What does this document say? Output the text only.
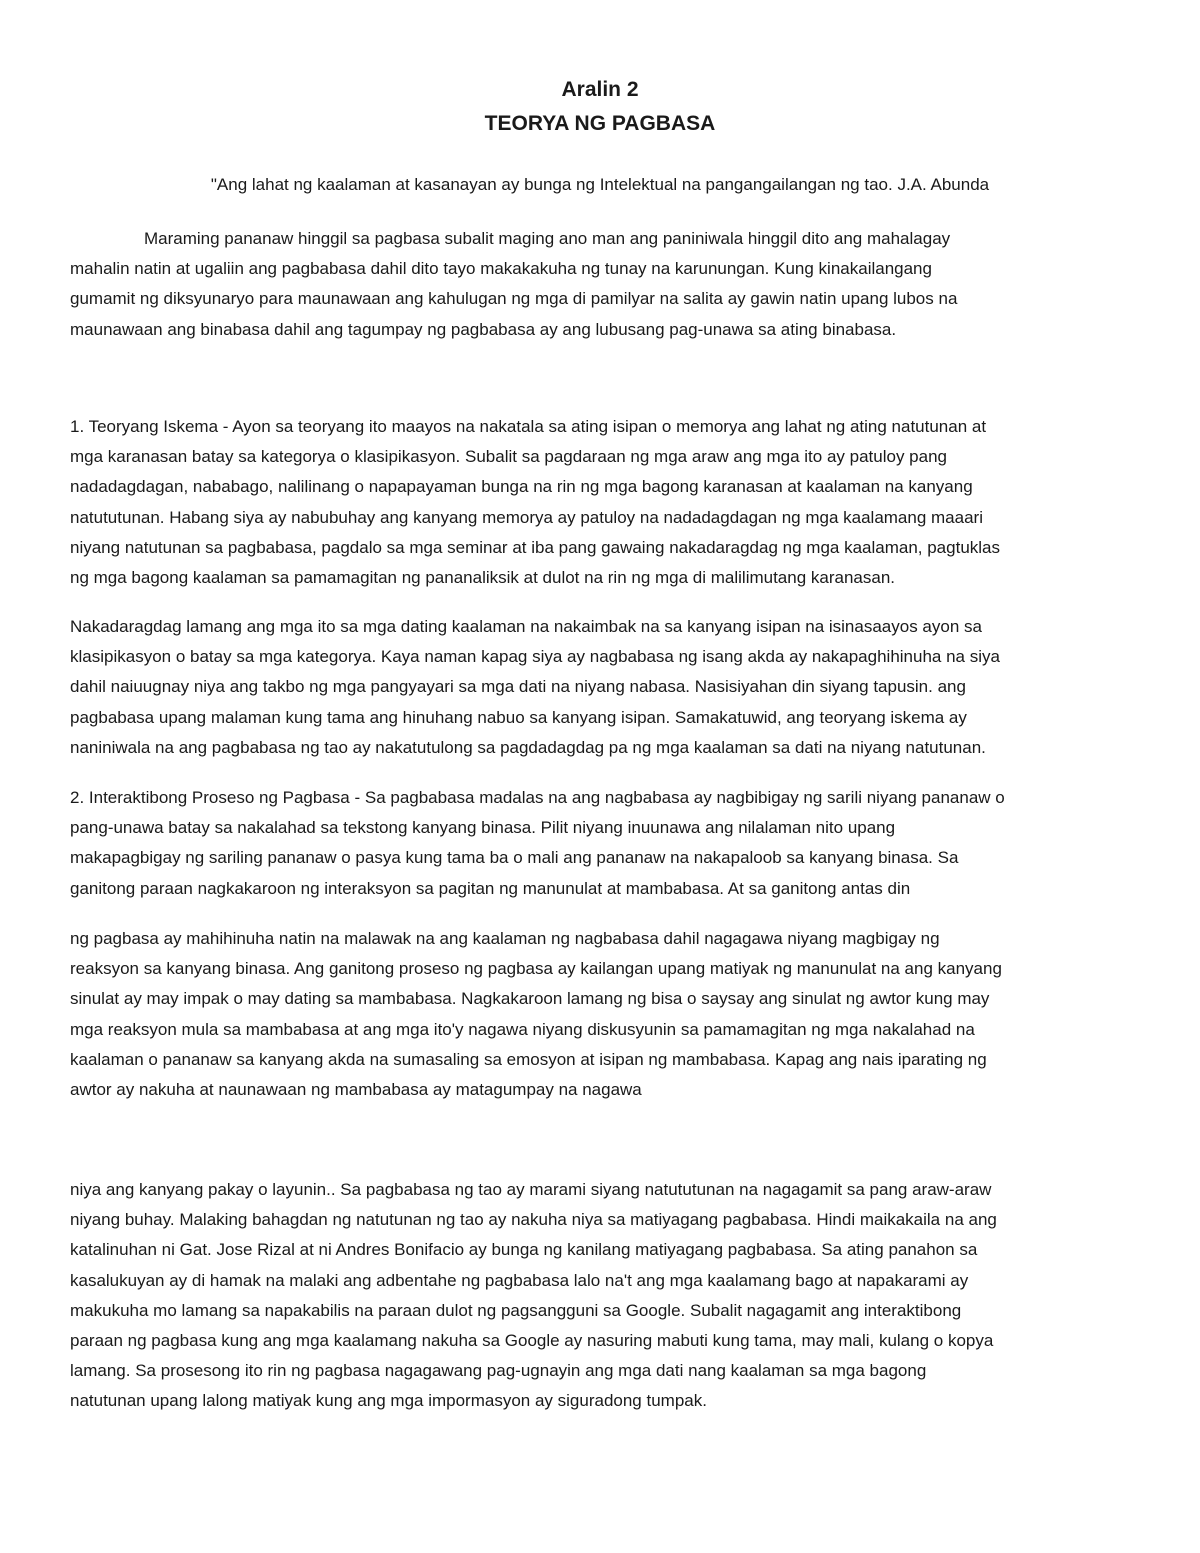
Aralin 2
TEORYA NG PAGBASA

"Ang lahat ng kaalaman at kasanayan ay bunga ng Intelektual na pangangailangan ng tao. J.A. Abunda

Maraming pananaw hinggil sa pagbasa subalit maging ano man ang paniniwala hinggil dito ang mahalagay
mahalin natin at ugaliin ang pagbabasa dahil dito tayo makakakuha ng tunay na karunungan. Kung kinakailangang
gumamit ng diksyunaryo para maunawaan ang kahulugan ng mga di pamilyar na salita ay gawin natin upang lubos na
maunawaan ang binabasa dahil ang tagumpay ng pagbabasa ay ang lubusang pag-unawa sa ating binabasa.

1. Teoryang Iskema - Ayon sa teoryang ito maayos na nakatala sa ating isipan o memorya ang lahat ng ating natutunan at
mga karanasan batay sa kategorya o klasipikasyon. Subalit sa pagdaraan ng mga araw ang mga ito ay patuloy pang
nadadagdagan, nababago, nalilinang o napapayaman bunga na rin ng mga bagong karanasan at kaalaman na kanyang
natututunan. Habang siya ay nabubuhay ang kanyang memorya ay patuloy na nadadagdagan ng mga kaalamang maaari
niyang natutunan sa pagbabasa, pagdalo sa mga seminar at iba pang gawaing nakadaragdag ng mga kaalaman, pagtuklas
ng mga bagong kaalaman sa pamamagitan ng pananaliksik at dulot na rin ng mga di malilimutang karanasan.

Nakadaragdag lamang ang mga ito sa mga dating kaalaman na nakaimbak na sa kanyang isipan na isinasaayos ayon sa
klasipikasyon o batay sa mga kategorya. Kaya naman kapag siya ay nagbabasa ng isang akda ay nakapaghihinuha na siya
dahil naiuugnay niya ang takbo ng mga pangyayari sa mga dati na niyang nabasa. Nasisiyahan din siyang tapusin. ang
pagbabasa upang malaman kung tama ang hinuhang nabuo sa kanyang isipan. Samakatuwid, ang teoryang iskema ay
naniniwala na ang pagbabasa ng tao ay nakatutulong sa pagdadagdag pa ng mga kaalaman sa dati na niyang natutunan.

2. Interaktibong Proseso ng Pagbasa - Sa pagbabasa madalas na ang nagbabasa ay nagbibigay ng sarili niyang pananaw o
pang-unawa batay sa nakalahad sa tekstong kanyang binasa. Pilit niyang inuunawa ang nilalaman nito upang
makapagbigay ng sariling pananaw o pasya kung tama ba o mali ang pananaw na nakapaloob sa kanyang binasa. Sa
ganitong paraan nagkakaroon ng interaksyon sa pagitan ng manunulat at mambabasa. At sa ganitong antas din

ng pagbasa ay mahihinuha natin na malawak na ang kaalaman ng nagbabasa dahil nagagawa niyang magbigay ng
reaksyon sa kanyang binasa. Ang ganitong proseso ng pagbasa ay kailangan upang matiyak ng manunulat na ang kanyang
sinulat ay may impak o may dating sa mambabasa. Nagkakaroon lamang ng bisa o saysay ang sinulat ng awtor kung may
mga reaksyon mula sa mambabasa at ang mga ito'y nagawa niyang diskusyunin sa pamamagitan ng mga nakalahad na
kaalaman o pananaw sa kanyang akda na sumasaling sa emosyon at isipan ng mambabasa. Kapag ang nais iparating ng
awtor ay nakuha at naunawaan ng mambabasa ay matagumpay na nagawa

niya ang kanyang pakay o layunin.. Sa pagbabasa ng tao ay marami siyang natututunan na nagagamit sa pang araw-araw
niyang buhay. Malaking bahagdan ng natutunan ng tao ay nakuha niya sa matiyagang pagbabasa. Hindi maikakaila na ang
katalinuhan ni Gat. Jose Rizal at ni Andres Bonifacio ay bunga ng kanilang matiyagang pagbabasa. Sa ating panahon sa
kasalukuyan ay di hamak na malaki ang adbentahe ng pagbabasa lalo na't ang mga kaalamang bago at napakarami ay
makukuha mo lamang sa napakabilis na paraan dulot ng pagsangguni sa Google. Subalit nagagamit ang interaktibong
paraan ng pagbasa kung ang mga kaalamang nakuha sa Google ay nasuring mabuti kung tama, may mali, kulang o kopya
lamang. Sa prosesong ito rin ng pagbasa nagagawang pag-ugnayin ang mga dati nang kaalaman sa mga bagong
natutunan upang lalong matiyak kung ang mga impormasyon ay siguradong tumpak.
